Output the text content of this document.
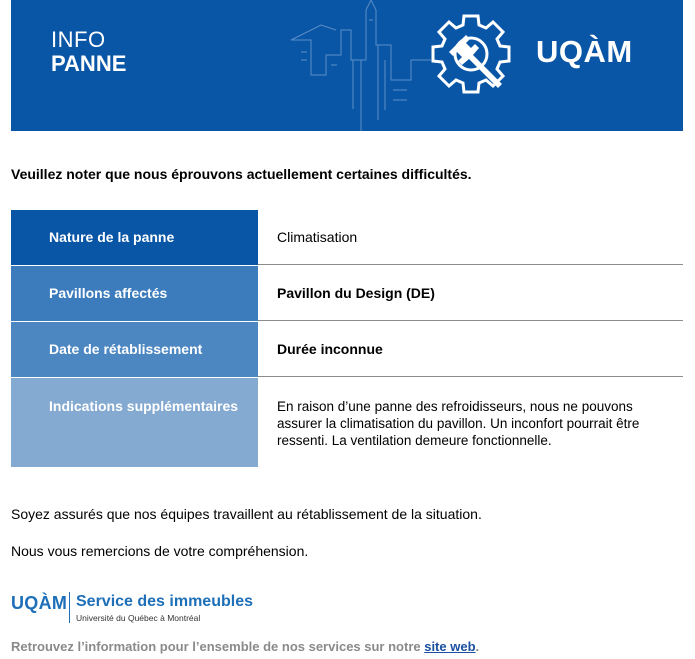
INFO
PANNE	UQÀM
Veuillez noter que nous éprouvons actuellement certaines difficultés.
Nature de la panne	Climatisation
Pavillons affectés	Pavillon du Design (DE)
Date de rétablissement	Durée inconnue
Indications supplémentaires	En raison d’une panne des refroidisseurs, nous ne pouvons assurer la climatisation du pavillon. Un inconfort pourrait être ressenti. La ventilation demeure fonctionnelle.
Soyez assurés que nos équipes travaillent au rétablissement de la situation.
Nous vous remercions de votre compréhension.
UQÀM Service des immeubles
Université du Québec à Montréal
Retrouvez l’information pour l’ensemble de nos services sur notre site web.
